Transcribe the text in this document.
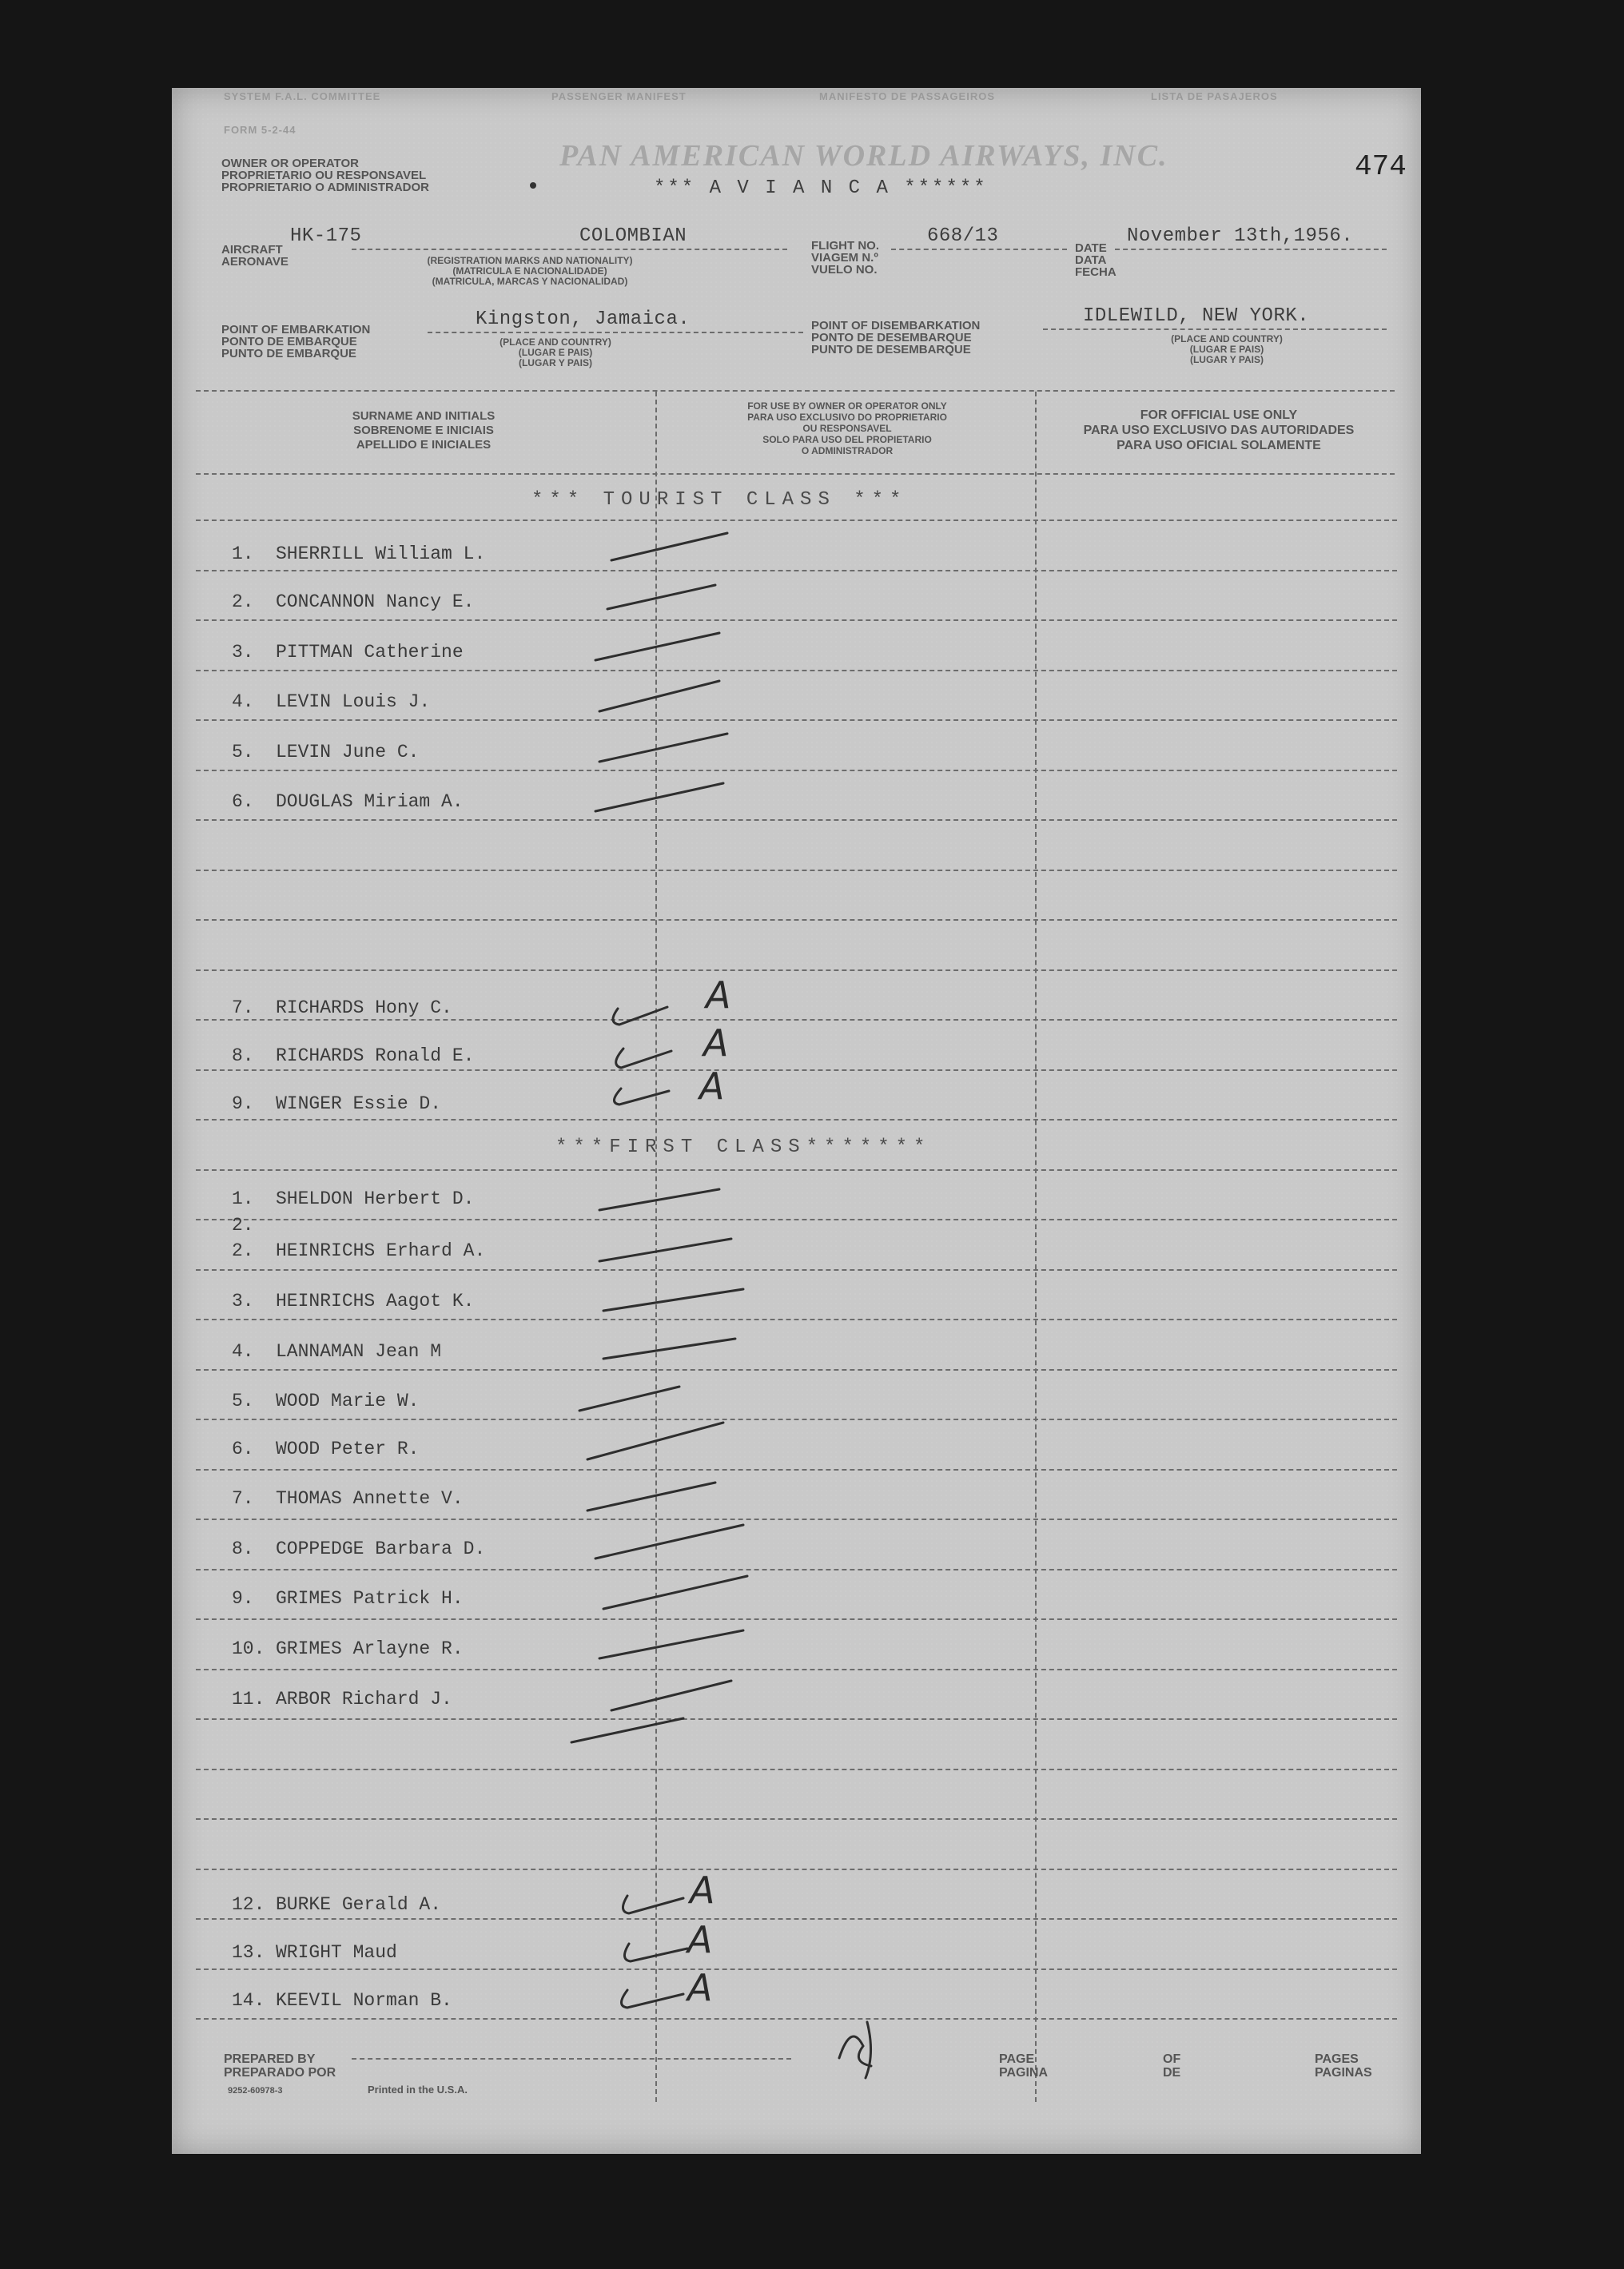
SYSTEM F.A.L. COMMITTEE
FORM 5-2-44
PASSENGER MANIFEST	MANIFESTO DE PASSAGEIROS	LISTA DE PASAJEROS
OWNER OR OPERATOR
PROPRIETARIO OU RESPONSAVEL
PROPRIETARIO O ADMINISTRADOR
PAN AMERICAN WORLD AIRWAYS, INC.
*** A V I A N C A ******
474
AIRCRAFT
AERONAVE
HK-175	COLOMBIAN
(REGISTRATION MARKS AND NATIONALITY)
(MATRICULA E NACIONALIDADE)
(MATRICULA, MARCAS Y NACIONALIDAD)
FLIGHT NO.
VIAGEM N.º
VUELO NO.
668/13
DATE
DATA
FECHA
November 13th,1956.
POINT OF EMBARKATION
PONTO DE EMBARQUE
PUNTO DE EMBARQUE
Kingston, Jamaica.
(PLACE AND COUNTRY)
(LUGAR E PAIS)
(LUGAR Y PAIS)
POINT OF DISEMBARKATION
PONTO DE DESEMBARQUE
PUNTO DE DESEMBARQUE
IDLEWILD, NEW YORK.
(PLACE AND COUNTRY)
(LUGAR E PAIS)
(LUGAR Y PAIS)
SURNAME AND INITIALS
SOBRENOME E INICIAIS
APELLIDO E INICIALES
FOR USE BY OWNER OR OPERATOR ONLY
PARA USO EXCLUSIVO DO PROPRIETARIO
OU RESPONSAVEL
SOLO PARA USO DEL PROPIETARIO
O ADMINISTRADOR
FOR OFFICIAL USE ONLY
PARA USO EXCLUSIVO DAS AUTORIDADES
PARA USO OFICIAL SOLAMENTE
*** TOURIST CLASS ***
***FIRST CLASS*******
1. SHERRILL William L.
2. CONCANNON Nancy E.
3. PITTMAN Catherine
4. LEVIN Louis J.
5. LEVIN June C.
6. DOUGLAS Miriam A.
7. RICHARDS Hony C.
8. RICHARDS Ronald E.
9. WINGER Essie D.
1. SHELDON Herbert D.
2.
2. HEINRICHS Erhard A.
3. HEINRICHS Aagot K.
4. LANNAMAN Jean M
5. WOOD Marie W.
6. WOOD Peter R.
7. THOMAS Annette V.
8. COPPEDGE Barbara D.
9. GRIMES Patrick H.
10. GRIMES Arlayne R.
11. ARBOR Richard J.
12. BURKE Gerald A.
13. WRIGHT Maud
14. KEEVIL Norman B.
A
A
A
A
A
A
PREPARED BY
PREPARADO POR
9252-60978-3	Printed in the U.S.A.
PAGE
PAGINA
OF
DE
PAGES
PAGINAS
